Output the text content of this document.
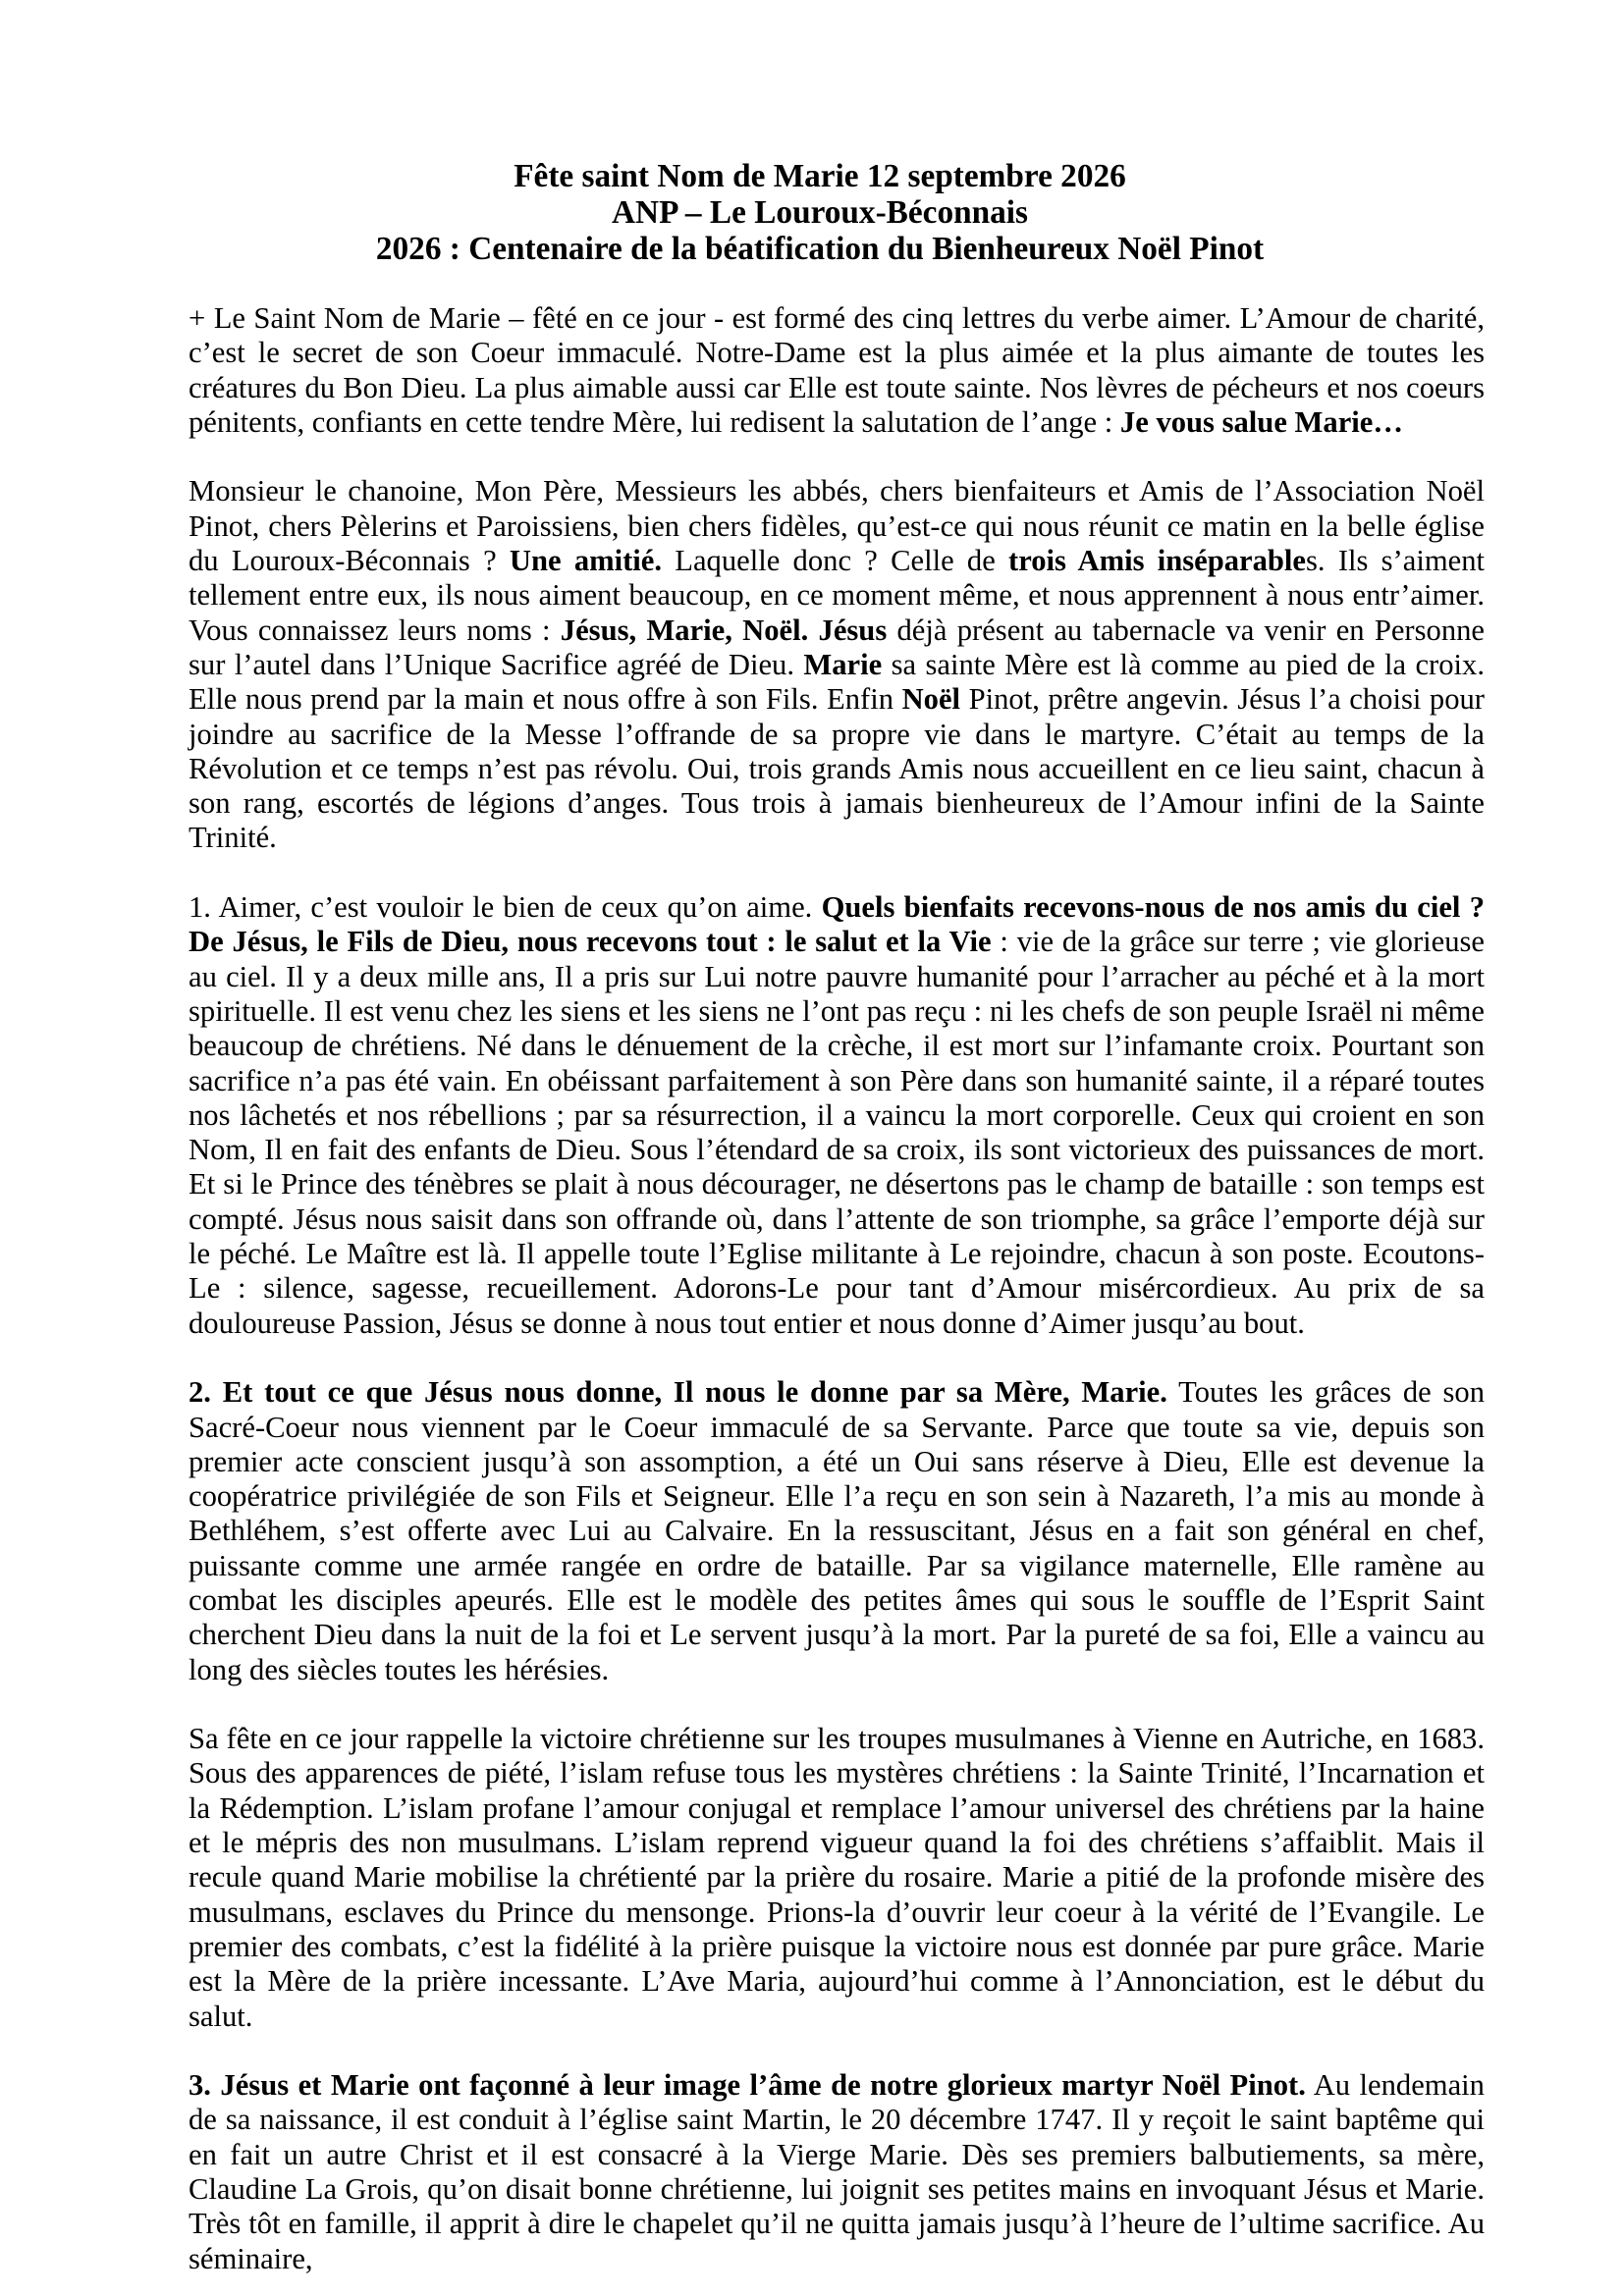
Fête saint Nom de Marie 12 septembre 2026
ANP – Le Louroux-Béconnais
2026 : Centenaire de la béatification du Bienheureux Noël Pinot

+ Le Saint Nom de Marie – fêté en ce jour - est formé des cinq lettres du verbe aimer. L’Amour de charité, c’est le secret de son Coeur immaculé. Notre-Dame est la plus aimée et la plus aimante de toutes les créatures du Bon Dieu. La plus aimable aussi car Elle est toute sainte. Nos lèvres de pécheurs et nos coeurs pénitents, confiants en cette tendre Mère, lui redisent la salutation de l’ange : Je vous salue Marie…

Monsieur le chanoine, Mon Père, Messieurs les abbés, chers bienfaiteurs et Amis de l’Association Noël Pinot, chers Pèlerins et Paroissiens, bien chers fidèles, qu’est-ce qui nous réunit ce matin en la belle église du Louroux-Béconnais ? Une amitié. Laquelle donc ? Celle de trois Amis inséparables. Ils s’aiment tellement entre eux, ils nous aiment beaucoup, en ce moment même, et nous apprennent à nous entr’aimer. Vous connaissez leurs noms : Jésus, Marie, Noël. Jésus déjà présent au tabernacle va venir en Personne sur l’autel dans l’Unique Sacrifice agréé de Dieu. Marie sa sainte Mère est là comme au pied de la croix. Elle nous prend par la main et nous offre à son Fils. Enfin Noël Pinot, prêtre angevin. Jésus l’a choisi pour joindre au sacrifice de la Messe l’offrande de sa propre vie dans le martyre. C’était au temps de la Révolution et ce temps n’est pas révolu. Oui, trois grands Amis nous accueillent en ce lieu saint, chacun à son rang, escortés de légions d’anges. Tous trois à jamais bienheureux de l’Amour infini de la Sainte Trinité.

1. Aimer, c’est vouloir le bien de ceux qu’on aime. Quels bienfaits recevons-nous de nos amis du ciel ? De Jésus, le Fils de Dieu, nous recevons tout : le salut et la Vie : vie de la grâce sur terre ; vie glorieuse au ciel. Il y a deux mille ans, Il a pris sur Lui notre pauvre humanité pour l’arracher au péché et à la mort spirituelle. Il est venu chez les siens et les siens ne l’ont pas reçu : ni les chefs de son peuple Israël ni même beaucoup de chrétiens. Né dans le dénuement de la crèche, il est mort sur l’infamante croix. Pourtant son sacrifice n’a pas été vain. En obéissant parfaitement à son Père dans son humanité sainte, il a réparé toutes nos lâchetés et nos rébellions ; par sa résurrection, il a vaincu la mort corporelle. Ceux qui croient en son Nom, Il en fait des enfants de Dieu. Sous l’étendard de sa croix, ils sont victorieux des puissances de mort. Et si le Prince des ténèbres se plait à nous décourager, ne désertons pas le champ de bataille : son temps est compté. Jésus nous saisit dans son offrande où, dans l’attente de son triomphe, sa grâce l’emporte déjà sur le péché. Le Maître est là. Il appelle toute l’Eglise militante à Le rejoindre, chacun à son poste. Ecoutons-Le : silence, sagesse, recueillement. Adorons-Le pour tant d’Amour misércordieux. Au prix de sa douloureuse Passion, Jésus se donne à nous tout entier et nous donne d’Aimer jusqu’au bout.

2. Et tout ce que Jésus nous donne, Il nous le donne par sa Mère, Marie. Toutes les grâces de son Sacré-Coeur nous viennent par le Coeur immaculé de sa Servante. Parce que toute sa vie, depuis son premier acte conscient jusqu’à son assomption, a été un Oui sans réserve à Dieu, Elle est devenue la coopératrice privilégiée de son Fils et Seigneur. Elle l’a reçu en son sein à Nazareth, l’a mis au monde à Bethléhem, s’est offerte avec Lui au Calvaire. En la ressuscitant, Jésus en a fait son général en chef, puissante comme une armée rangée en ordre de bataille. Par sa vigilance maternelle, Elle ramène au combat les disciples apeurés. Elle est le modèle des petites âmes qui sous le souffle de l’Esprit Saint cherchent Dieu dans la nuit de la foi et Le servent jusqu’à la mort. Par la pureté de sa foi, Elle a vaincu au long des siècles toutes les hérésies.

Sa fête en ce jour rappelle la victoire chrétienne sur les troupes musulmanes à Vienne en Autriche, en 1683. Sous des apparences de piété, l’islam refuse tous les mystères chrétiens : la Sainte Trinité, l’Incarnation et la Rédemption. L’islam profane l’amour conjugal et remplace l’amour universel des chrétiens par la haine et le mépris des non musulmans. L’islam reprend vigueur quand la foi des chrétiens s’affaiblit. Mais il recule quand Marie mobilise la chrétienté par la prière du rosaire. Marie a pitié de la profonde misère des musulmans, esclaves du Prince du mensonge. Prions-la d’ouvrir leur coeur à la vérité de l’Evangile. Le premier des combats, c’est la fidélité à la prière puisque la victoire nous est donnée par pure grâce. Marie est la Mère de la prière incessante. L’Ave Maria, aujourd’hui comme à l’Annonciation, est le début du salut.

3. Jésus et Marie ont façonné à leur image l’âme de notre glorieux martyr Noël Pinot. Au lendemain de sa naissance, il est conduit à l’église saint Martin, le 20 décembre 1747. Il y reçoit le saint baptême qui en fait un autre Christ et il est consacré à la Vierge Marie. Dès ses premiers balbutiements, sa mère, Claudine La Grois, qu’on disait bonne chrétienne, lui joignit ses petites mains en invoquant Jésus et Marie. Très tôt en famille, il apprit à dire le chapelet qu’il ne quitta jamais jusqu’à l’heure de l’ultime sacrifice. Au séminaire,
